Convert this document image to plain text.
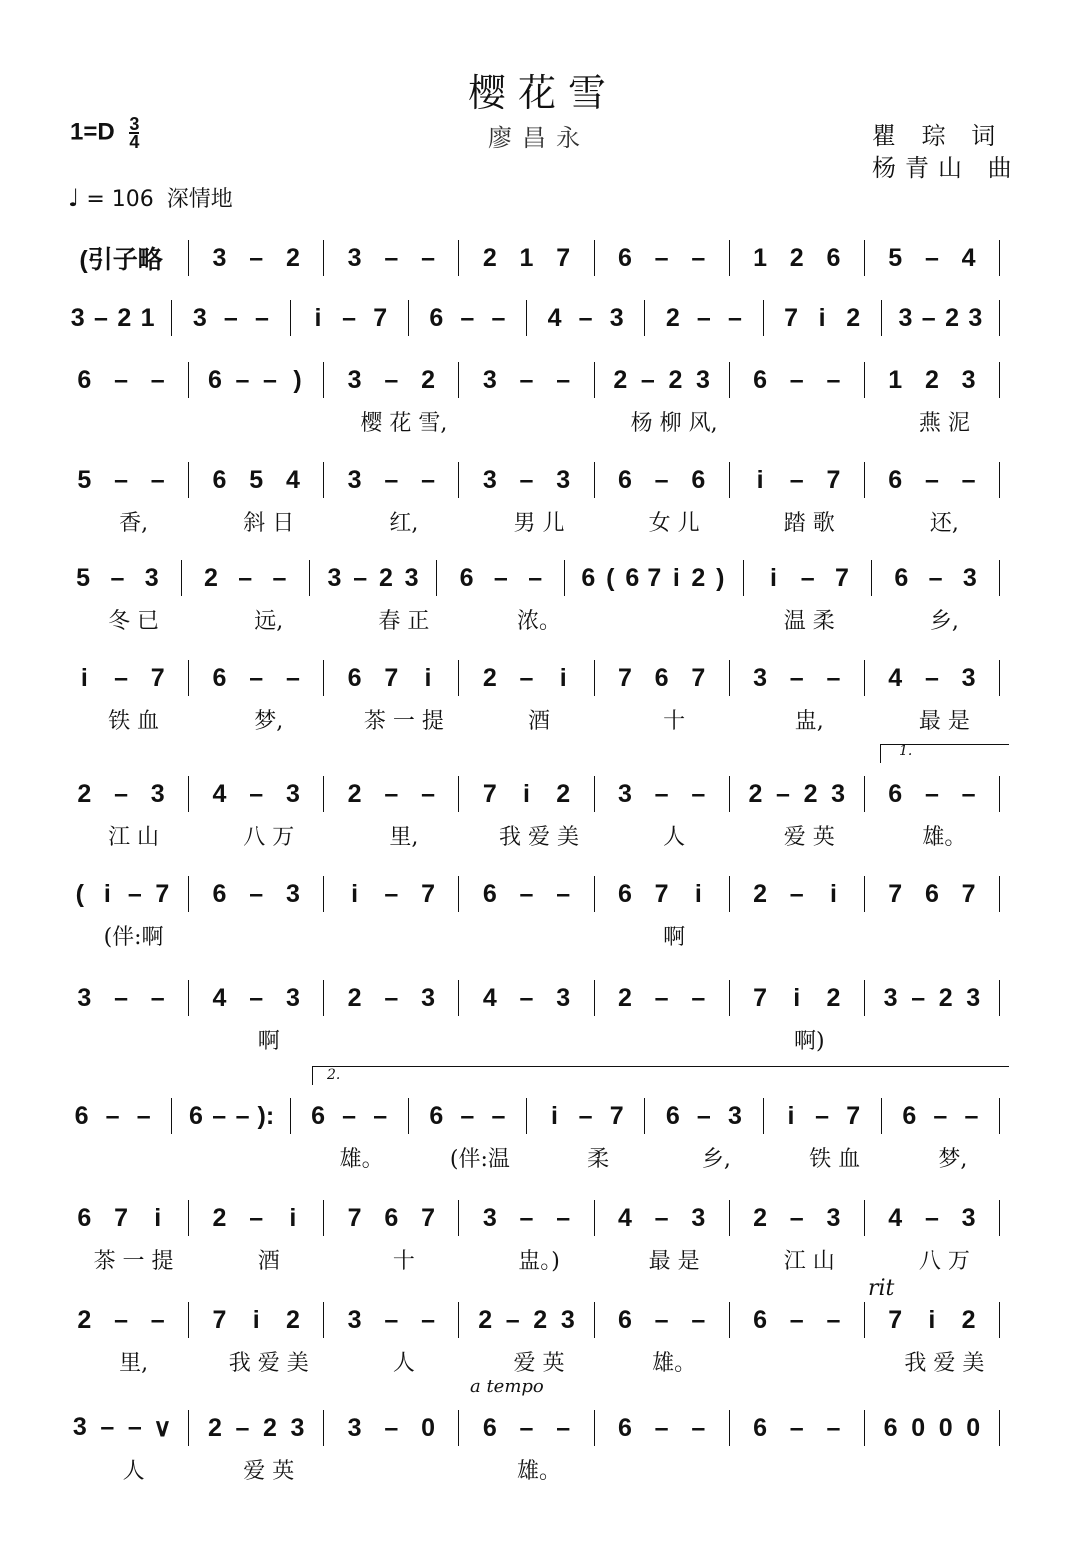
樱花雪
廖昌永
$1=D \frac{3}{4}$	瞿 琮 词
杨青山 曲
♩ = 106 深情地
1.
2.
rit
a tempo
(引子略 3 – 2 3 – – 2 1 7 6 – – 1 2 6 5 – 4
3 – 2 1 3 – –	i – 7 6 – – 4 – 3 2 – – 7 i 2 3 – 2 3
6 – – 6 – – ) 3 – 2 3 – – 2 – 2 3 6 – – 1 2 3
樱 花 雪,	杨 柳 风,	燕 泥
5 – – 6 5 4 3 – – 3 – 3 6 – 6	i	– 7 6 – –
香,	斜 日	红,	男 儿	女 儿	踏 歌	还,
5 – 3 2 – – 3 – 2 3 6 – – 6 ( 6 7 i 2 )	i – 7 6 – 3
冬 已	远,	春 正	浓。	温 柔	乡,
i	– 7 6 – – 6 7	i	2 –	i	7 6 7 3 – – 4 – 3
铁 血	梦,	茶 一 提	酒	十	盅,	最 是
2 – 3 4 – 3 2 – – 7	i	2 3 – – 2 – 2 3 6 – –
江 山	八 万	里,	我 爱 美	人	爱 英	雄。
( i – 7 6 – 3	i	– 7 6 – – 6 7	i	2 –	i	7 6 7
(伴:啊	啊
3 – – 4 – 3 2 – 3 4 – 3 2 – – 7	i	2 3 – 2 3
啊	啊)
6 – – 6 – – ): 6 – – 6 – –	i – 7 6 – 3	i – 7 6 – –
雄。	(伴:温	柔	乡,	铁 血	梦,
6 7	i	2 –	i	7 6 7 3 – – 4 – 3 2 – 3 4 – 3
茶 一 提	酒	十	盅。)	最 是	江 山	八 万
2 – – 7	i	2 3 – – 2 – 2 3 6 – – 6 – – 7	i	2
里,	我 爱 美	人	爱 英	雄。	我 爱 美
3 – – ∨ 2 – 2 3 3 – 0 6 – – 6 – – 6 – – 6 0 0 0
人	爱 英	雄。
